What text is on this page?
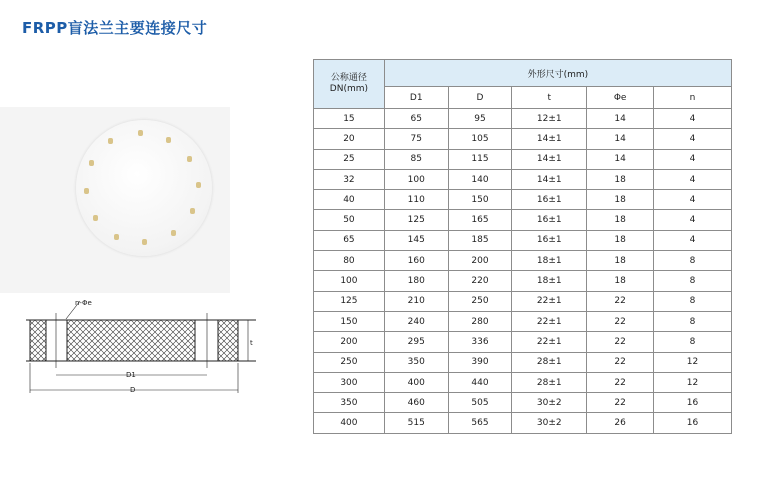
FRPP盲法兰主要连接尺寸
n-Φe
t
D1
D
公称通径
DN(mm)	外形尺寸(mm)				
	D1	D	t	Φe	n
15	65	95	12±1	14	4
20	75	105	14±1	14	4
25	85	115	14±1	14	4
32	100	140	14±1	18	4
40	110	150	16±1	18	4
50	125	165	16±1	18	4
65	145	185	16±1	18	4
80	160	200	18±1	18	8
100	180	220	18±1	18	8
125	210	250	22±1	22	8
150	240	280	22±1	22	8
200	295	336	22±1	22	8
250	350	390	28±1	22	12
300	400	440	28±1	22	12
350	460	505	30±2	22	16
400	515	565	30±2	26	16
